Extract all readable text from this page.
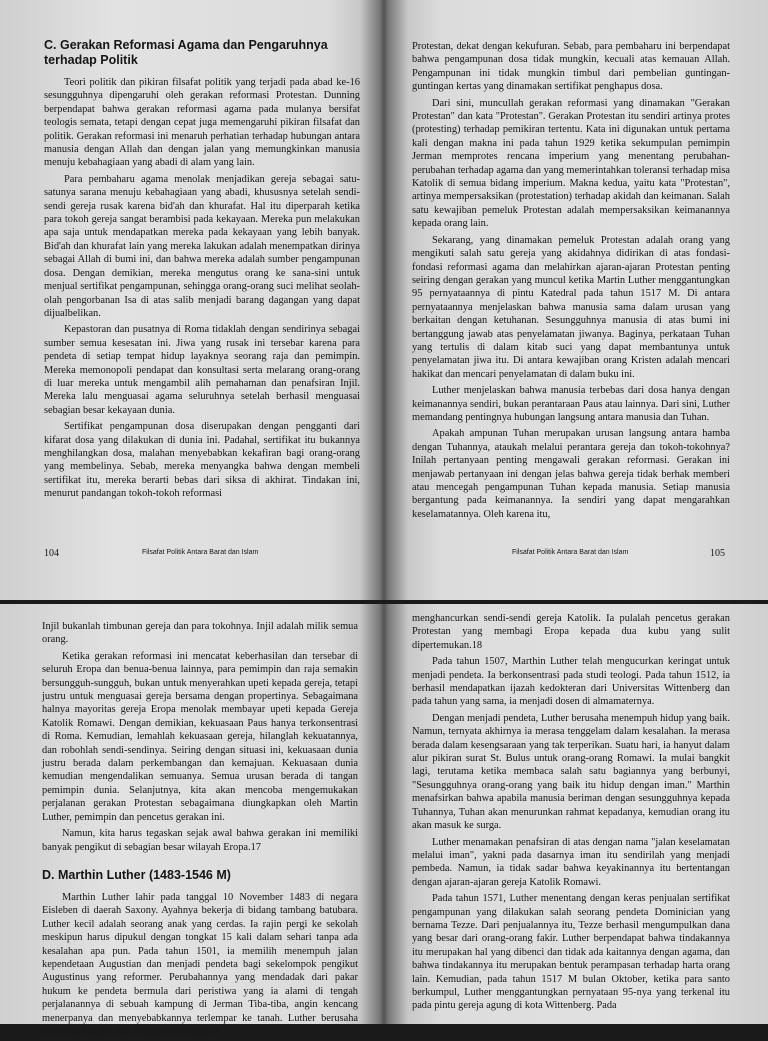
C. Gerakan Reformasi Agama dan Pengaruhnya terhadap Politik

Teori politik dan pikiran filsafat politik yang terjadi pada abad ke-16 sesungguhnya dipengaruhi oleh gerakan reformasi Protestan. Dunning berpendapat bahwa gerakan reformasi agama pada mulanya bersifat teologis semata, tetapi dengan cepat juga memengaruhi pikiran filsafat dan politik. Gerakan reformasi ini menaruh perhatian terhadap hubungan antara manusia dengan Allah dan dengan jalan yang memungkinkan manusia menuju kebahagiaan yang abadi di alam yang lain.

Para pembaharu agama menolak menjadikan gereja sebagai satu-satunya sarana menuju kebahagiaan yang abadi, khususnya setelah sendi-sendi gereja rusak karena bid'ah dan khurafat. Hal itu diperparah ketika para tokoh gereja sangat berambisi pada kekayaan. Mereka pun melakukan apa saja untuk mendapatkan mereka pada kekayaan yang lebih banyak. Bid'ah dan khurafat lain yang mereka lakukan adalah menempatkan dirinya sebagai Allah di bumi ini, dan bahwa mereka adalah sumber pengampunan dosa. Dengan demikian, mereka mengutus orang ke sana-sini untuk menjual sertifikat pengampunan, sehingga orang-orang suci melihat seolah-olah pengorbanan Isa di atas salib menjadi barang dagangan yang dapat dijualbelikan.

Kepastoran dan pusatnya di Roma tidaklah dengan sendirinya sebagai sumber semua kesesatan ini. Jiwa yang rusak ini tersebar karena para pendeta di setiap tempat hidup layaknya seorang raja dan pemimpin. Mereka memonopoli pendapat dan konsultasi serta melarang orang-orang di luar mereka untuk mengambil alih pemahaman dan penafsiran Injil. Mereka lalu menguasai agama seluruhnya setelah berhasil menguasai sebagian besar kekayaan dunia.

Sertifikat pengampunan dosa diserupakan dengan pengganti dari kifarat dosa yang dilakukan di dunia ini. Padahal, sertifikat itu bukannya menghilangkan dosa, malahan menyebabkan kekafiran bagi orang-orang yang membelinya. Sebab, mereka menyangka bahwa dengan membeli sertifikat itu, mereka berarti bebas dari siksa di akhirat. Tindakan ini, menurut pandangan tokoh-tokoh reformasi

104	Filsafat Politik Antara Barat dan Islam

Protestan, dekat dengan kekufuran. Sebab, para pembaharu ini berpendapat bahwa pengampunan dosa tidak mungkin, kecuali atas kemauan Allah. Pengampunan ini tidak mungkin timbul dari pembelian guntingan-guntingan kertas yang dinamakan sertifikat penghapus dosa.

Dari sini, muncullah gerakan reformasi yang dinamakan "Gerakan Protestan" dan kata "Protestan". Gerakan Protestan itu sendiri artinya protes (protesting) terhadap pemikiran tertentu. Kata ini digunakan untuk pertama kali dengan makna ini pada tahun 1929 ketika sekumpulan pemimpin Jerman memprotes rencana imperium yang menentang perubahan-perubahan terhadap agama dan yang memerintahkan toleransi terhadap misa Katolik di semua bidang imperium. Makna kedua, yaitu kata "Protestan", artinya mempersaksikan (protestation) terhadap akidah dan keimanan. Salah satu kewajiban pemeluk Protestan adalah mempersaksikan keimanannya kepada orang lain.

Sekarang, yang dinamakan pemeluk Protestan adalah orang yang mengikuti salah satu gereja yang akidahnya didirikan di atas fondasi-fondasi reformasi agama dan melahirkan ajaran-ajaran Protestan penting seiring dengan gerakan yang muncul ketika Martin Luther menggantungkan 95 pernyataannya di pintu Katedral pada tahun 1517 M. Di antara pernyataannya menjelaskan bahwa manusia sama dalam urusan yang berkaitan dengan ketuhanan. Sesungguhnya manusia di atas bumi ini bertanggung jawab atas penyelamatan jiwanya. Baginya, perkataan Tuhan yang tertulis di dalam kitab suci yang dapat membantunya untuk penyelamatan jiwa itu. Di antara kewajiban orang Kristen adalah mencari hakikat dan mencari penyelamatan di dalam buku ini.

Luther menjelaskan bahwa manusia terbebas dari dosa hanya dengan keimanannya sendiri, bukan perantaraan Paus atau lainnya. Dari sini, Luther memandang pentingnya hubungan langsung antara manusia dan Tuhan.

Apakah ampunan Tuhan merupakan urusan langsung antara hamba dengan Tuhannya, ataukah melalui perantara gereja dan tokoh-tokohnya? Inilah pertanyaan penting mengawali gerakan reformasi. Gerakan ini menjawab pertanyaan ini dengan jelas bahwa gereja tidak berhak memberi atau mencegah pengampunan Tuhan kepada manusia. Setiap manusia bergantung pada keimanannya. Ia sendiri yang dapat mengarahkan keselamatannya. Oleh karena itu,

Filsafat Politik Antara Barat dan Islam	105

Injil bukanlah timbunan gereja dan para tokohnya. Injil adalah milik semua orang.

Ketika gerakan reformasi ini mencatat keberhasilan dan tersebar di seluruh Eropa dan benua-benua lainnya, para pemimpin dan raja semakin bersungguh-sungguh, bukan untuk menyerahkan upeti kepada gereja, tetapi justru untuk menguasai gereja bersama dengan propertinya. Sebagaimana halnya mayoritas gereja Eropa menolak membayar upeti kepada Gereja Katolik Romawi. Dengan demikian, kekuasaan Paus hanya terkonsentrasi di Roma. Kemudian, lemahlah kekuasaan gereja, hilanglah kekuatannya, dan robohlah sendi-sendinya. Seiring dengan situasi ini, kekuasaan dunia justru berada dalam perkembangan dan kemajuan. Kekuasaan dunia kemudian mengendalikan semuanya. Semua urusan berada di tangan pemimpin dunia. Selanjutnya, kita akan mencoba mengemukakan perjalanan gerakan Protestan sebagaimana diungkapkan oleh Martin Luther, pemimpin dan pencetus gerakan ini.

Namun, kita harus tegaskan sejak awal bahwa gerakan ini memiliki banyak pengikut di sebagian besar wilayah Eropa.17

D. Marthin Luther (1483-1546 M)

Marthin Luther lahir pada tanggal 10 November 1483 di negara Eisleben di daerah Saxony. Ayahnya bekerja di bidang tambang batubara. Luther kecil adalah seorang anak yang cerdas. Ia rajin pergi ke sekolah meskipun harus dipukul dengan tongkat 15 kali dalam sehari tanpa ada kesalahan apa pun. Pada tahun 1501, ia memilih menempuh jalan kependetaan Augustian dan menjadi pendeta bagi sekelompok pengikut Augustinus yang reformer. Perubahannya yang mendadak dari pakar hukum ke pendeta bermula dari peristiwa yang ia alami di tengah perjalanannya di sebuah kampung di Jerman Tiba-tiba, angin kencang menerpanya dan menyebabkannya terlempar ke tanah. Luther berusaha mencoba bangkit dan dengan refleksnya ia

menghancurkan sendi-sendi gereja Katolik. Ia pulalah pencetus gerakan Protestan yang membagi Eropa kepada dua kubu yang sulit dipertemukan.18

Pada tahun 1507, Marthin Luther telah mengucurkan keringat untuk menjadi pendeta. Ia berkonsentrasi pada studi teologi. Pada tahun 1512, ia berhasil mendapatkan ijazah kedokteran dari Universitas Wittenberg dan pada tahun yang sama, ia menjadi dosen di almamaternya.

Dengan menjadi pendeta, Luther berusaha menempuh hidup yang baik. Namun, ternyata akhirnya ia merasa tenggelam dalam kesalahan. Ia merasa berada dalam kesengsaraan yang tak terperikan. Suatu hari, ia hanyut dalam alur pikiran surat St. Bulus untuk orang-orang Romawi. Ia mulai bangkit lagi, terutama ketika membaca salah satu bagiannya yang berbunyi, "Sesungguhnya orang-orang yang baik itu hidup dengan iman." Marthin menafsirkan bahwa apabila manusia beriman dengan sesungguhnya kepada Tuhannya, Tuhan akan menurunkan rahmat kepadanya, kemudian orang itu akan masuk ke surga.

Luther menamakan penafsiran di atas dengan nama "jalan keselamatan melalui iman", yakni pada dasarnya iman itu sendirilah yang menjadi pembeda. Namun, ia tidak sadar bahwa keyakinannya itu bertentangan dengan ajaran-ajaran gereja Katolik Romawi.

Pada tahun 1571, Luther menentang dengan keras penjualan sertifikat pengampunan yang dilakukan salah seorang pendeta Dominician yang bernama Tezze. Dari penjualannya itu, Tezze berhasil mengumpulkan dana yang besar dari orang-orang fakir. Luther berpendapat bahwa tindakannya itu merupakan hal yang dibenci dan tidak ada kaitannya dengan agama, dan bahwa tindakannya itu merupakan bentuk perampasan terhadap harta orang lain. Kemudian, pada tahun 1517 M bulan Oktober, ketika para santo berkumpul, Luther menggantungkan pernyataan 95-nya yang terkenal itu pada pintu gereja agung di kota Wittenberg. Pada
